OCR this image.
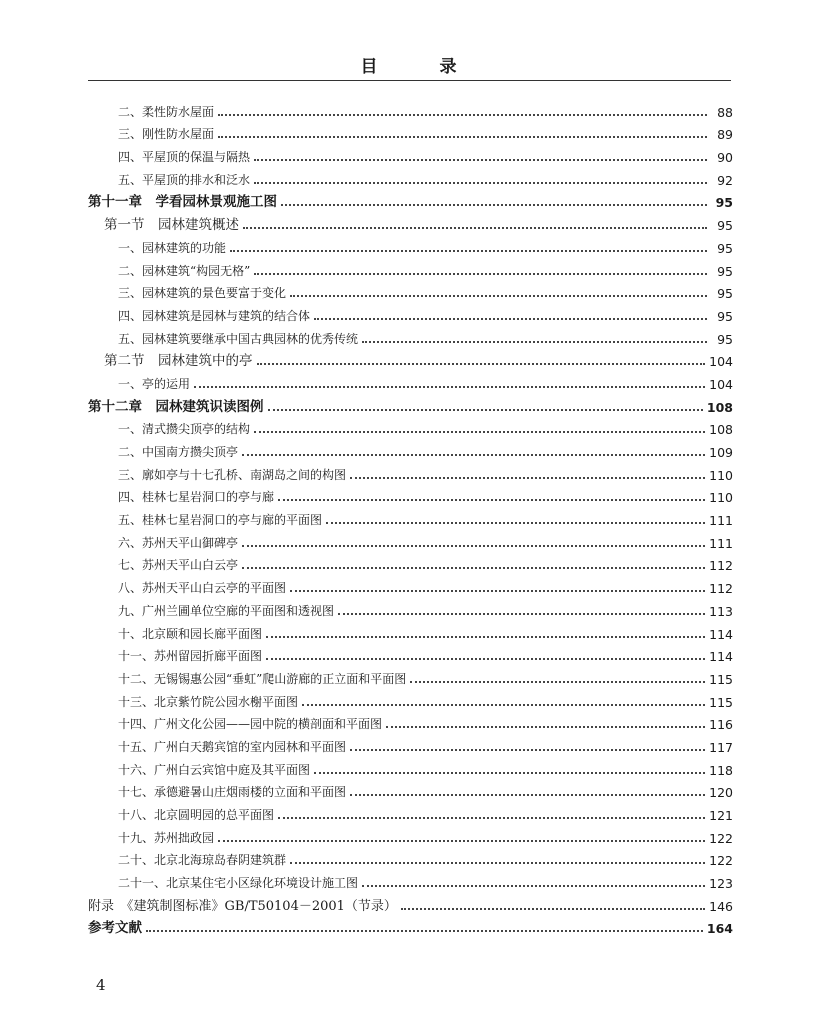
目 录
二、柔性防水屋面	88
三、刚性防水屋面	89
四、平屋顶的保温与隔热	90
五、平屋顶的排水和泛水	92
第十一章　学看园林景观施工图	95
第一节　园林建筑概述	95
一、园林建筑的功能	95
二、园林建筑“构园无格”	95
三、园林建筑的景色要富于变化	95
四、园林建筑是园林与建筑的结合体	95
五、园林建筑要继承中国古典园林的优秀传统	95
第二节　园林建筑中的亭	104
一、亭的运用	104
第十二章　园林建筑识读图例	108
一、清式攒尖顶亭的结构	108
二、中国南方攒尖顶亭	109
三、廓如亭与十七孔桥、南湖岛之间的构图	110
四、桂林七星岩洞口的亭与廊	110
五、桂林七星岩洞口的亭与廊的平面图	111
六、苏州天平山御碑亭	111
七、苏州天平山白云亭	112
八、苏州天平山白云亭的平面图	112
九、广州兰圃单位空廊的平面图和透视图	113
十、北京颐和园长廊平面图	114
十一、苏州留园折廊平面图	114
十二、无锡锡惠公园“垂虹”爬山游廊的正立面和平面图	115
十三、北京紫竹院公园水榭平面图	115
十四、广州文化公园——园中院的横剖面和平面图	116
十五、广州白天鹅宾馆的室内园林和平面图	117
十六、广州白云宾馆中庭及其平面图	118
十七、承德避暑山庄烟雨楼的立面和平面图	120
十八、北京圆明园的总平面图	121
十九、苏州拙政园	122
二十、北京北海琼岛春阴建筑群	122
二十一、北京某住宅小区绿化环境设计施工图	123
附录　《建筑制图标准》GB/T50104－2001（节录）	146
参考文献	164
4
